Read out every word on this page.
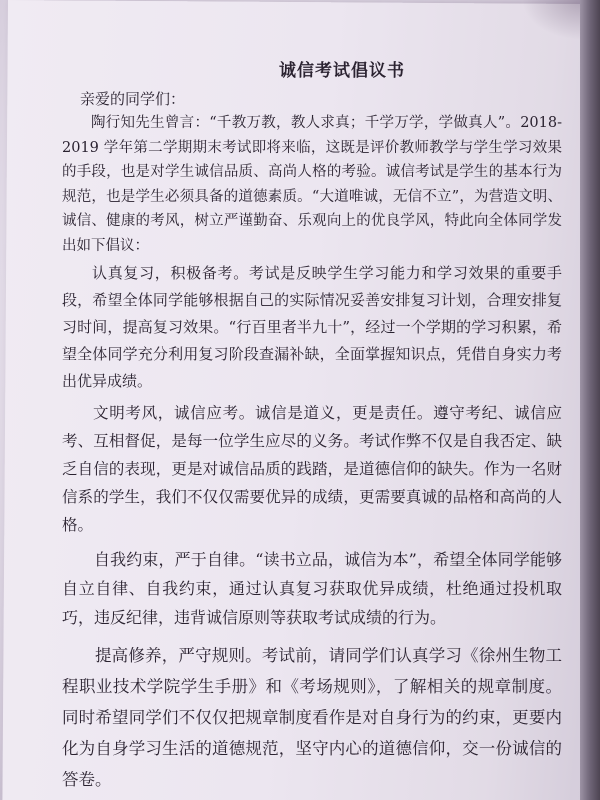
诚信考试倡议书

亲爱的同学们：

陶行知先生曾言：“千教万教，教人求真；千学万学，学做真人”。2018-2019 学年第二学期期末考试即将来临，这既是评价教师教学与学生学习效果的手段，也是对学生诚信品质、高尚人格的考验。诚信考试是学生的基本行为规范，也是学生必须具备的道德素质。“大道唯诚，无信不立”，为营造文明、诚信、健康的考风，树立严谨勤奋、乐观向上的优良学风，特此向全体同学发出如下倡议：

认真复习，积极备考。考试是反映学生学习能力和学习效果的重要手段，希望全体同学能够根据自己的实际情况妥善安排复习计划，合理安排复习时间，提高复习效果。“行百里者半九十”，经过一个学期的学习积累，希望全体同学充分利用复习阶段查漏补缺，全面掌握知识点，凭借自身实力考出优异成绩。

文明考风，诚信应考。诚信是道义，更是责任。遵守考纪、诚信应考、互相督促，是每一位学生应尽的义务。考试作弊不仅是自我否定、缺乏自信的表现，更是对诚信品质的践踏，是道德信仰的缺失。作为一名财信系的学生，我们不仅仅需要优异的成绩，更需要真诚的品格和高尚的人格。

自我约束，严于自律。“读书立品，诚信为本”，希望全体同学能够自立自律、自我约束，通过认真复习获取优异成绩，杜绝通过投机取巧，违反纪律，违背诚信原则等获取考试成绩的行为。

提高修养，严守规则。考试前，请同学们认真学习《徐州生物工程职业技术学院学生手册》和《考场规则》，了解相关的规章制度。同时希望同学们不仅仅把规章制度看作是对自身行为的约束，更要内化为自身学习生活的道德规范，坚守内心的道德信仰，交一份诚信的答卷。
